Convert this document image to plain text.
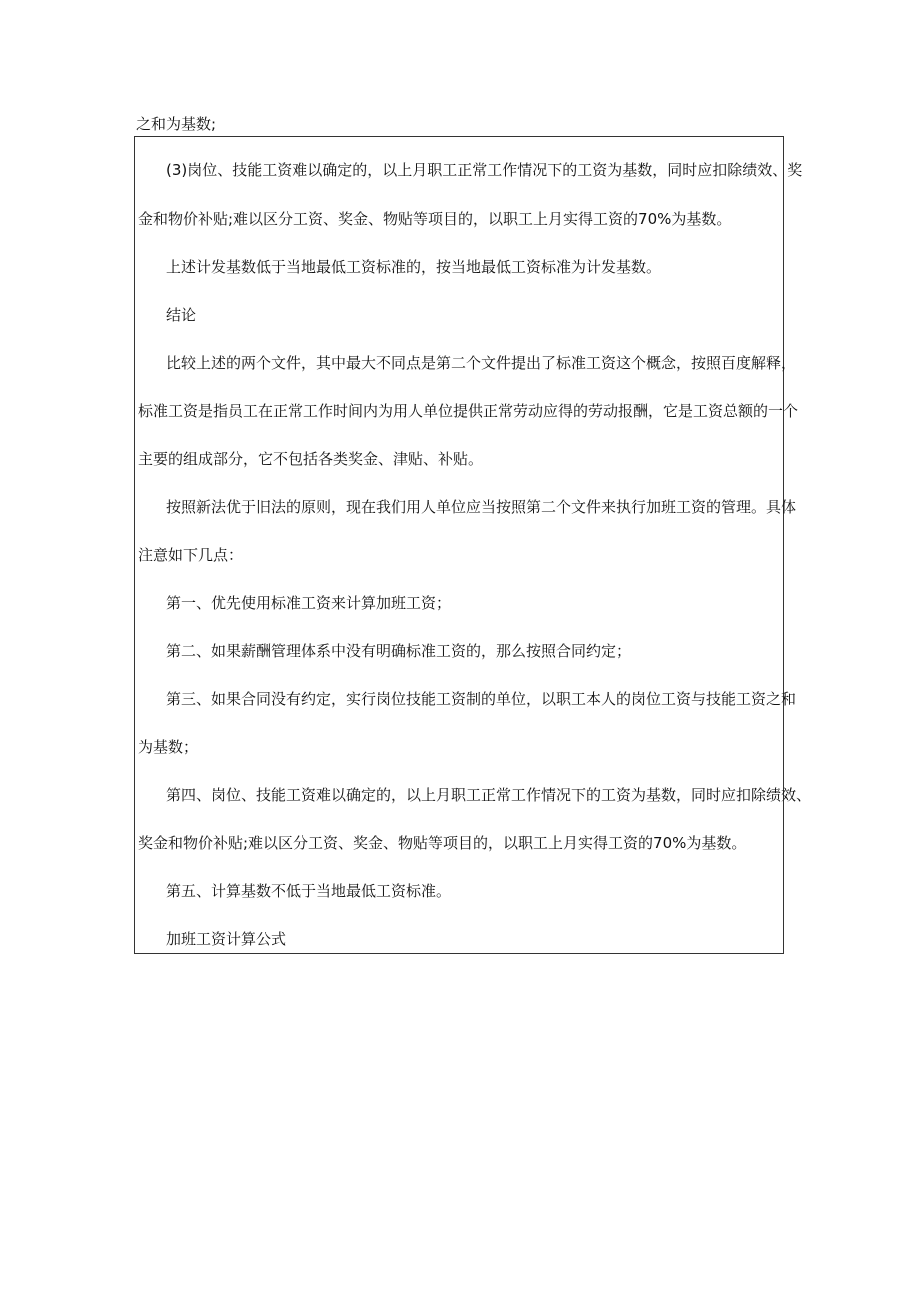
之和为基数;
(3)岗位、技能工资难以确定的，以上月职工正常工作情况下的工资为基数，同时应扣除绩效、奖
金和物价补贴;难以区分工资、奖金、物贴等项目的，以职工上月实得工资的70%为基数。
上述计发基数低于当地最低工资标准的，按当地最低工资标准为计发基数。
结论
比较上述的两个文件，其中最大不同点是第二个文件提出了标准工资这个概念，按照百度解释，
标准工资是指员工在正常工作时间内为用人单位提供正常劳动应得的劳动报酬，它是工资总额的一个
主要的组成部分，它不包括各类奖金、津贴、补贴。
按照新法优于旧法的原则，现在我们用人单位应当按照第二个文件来执行加班工资的管理。具体
注意如下几点：
第一、优先使用标准工资来计算加班工资；
第二、如果薪酬管理体系中没有明确标准工资的，那么按照合同约定；
第三、如果合同没有约定，实行岗位技能工资制的单位，以职工本人的岗位工资与技能工资之和
为基数；
第四、岗位、技能工资难以确定的，以上月职工正常工作情况下的工资为基数，同时应扣除绩效、
奖金和物价补贴;难以区分工资、奖金、物贴等项目的，以职工上月实得工资的70%为基数。
第五、计算基数不低于当地最低工资标准。
加班工资计算公式
